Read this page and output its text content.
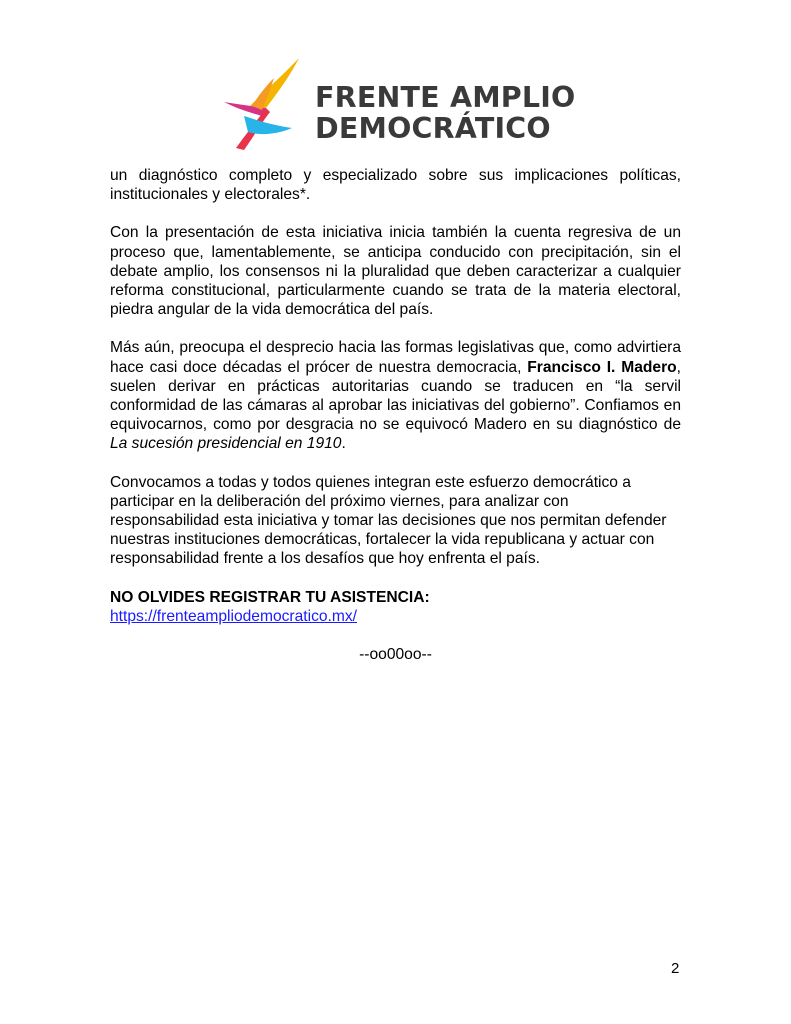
FRENTE AMPLIO
DEMOCRÁTICO

un diagnóstico completo y especializado sobre sus implicaciones políticas, institucionales y electorales*.

Con la presentación de esta iniciativa inicia también la cuenta regresiva de un proceso que, lamentablemente, se anticipa conducido con precipitación, sin el debate amplio, los consensos ni la pluralidad que deben caracterizar a cualquier reforma constitucional, particularmente cuando se trata de la materia electoral, piedra angular de la vida democrática del país.

Más aún, preocupa el desprecio hacia las formas legislativas que, como advirtiera hace casi doce décadas el prócer de nuestra democracia, Francisco I. Madero, suelen derivar en prácticas autoritarias cuando se traducen en “la servil conformidad de las cámaras al aprobar las iniciativas del gobierno”. Confiamos en equivocarnos, como por desgracia no se equivocó Madero en su diagnóstico de La sucesión presidencial en 1910.

Convocamos a todas y todos quienes integran este esfuerzo democrático a participar en la deliberación del próximo viernes, para analizar con responsabilidad esta iniciativa y tomar las decisiones que nos permitan defender nuestras instituciones democráticas, fortalecer la vida republicana y actuar con responsabilidad frente a los desafíos que hoy enfrenta el país.

NO OLVIDES REGISTRAR TU ASISTENCIA:
https://frenteampliodemocratico.mx/
--oo00oo--
2
